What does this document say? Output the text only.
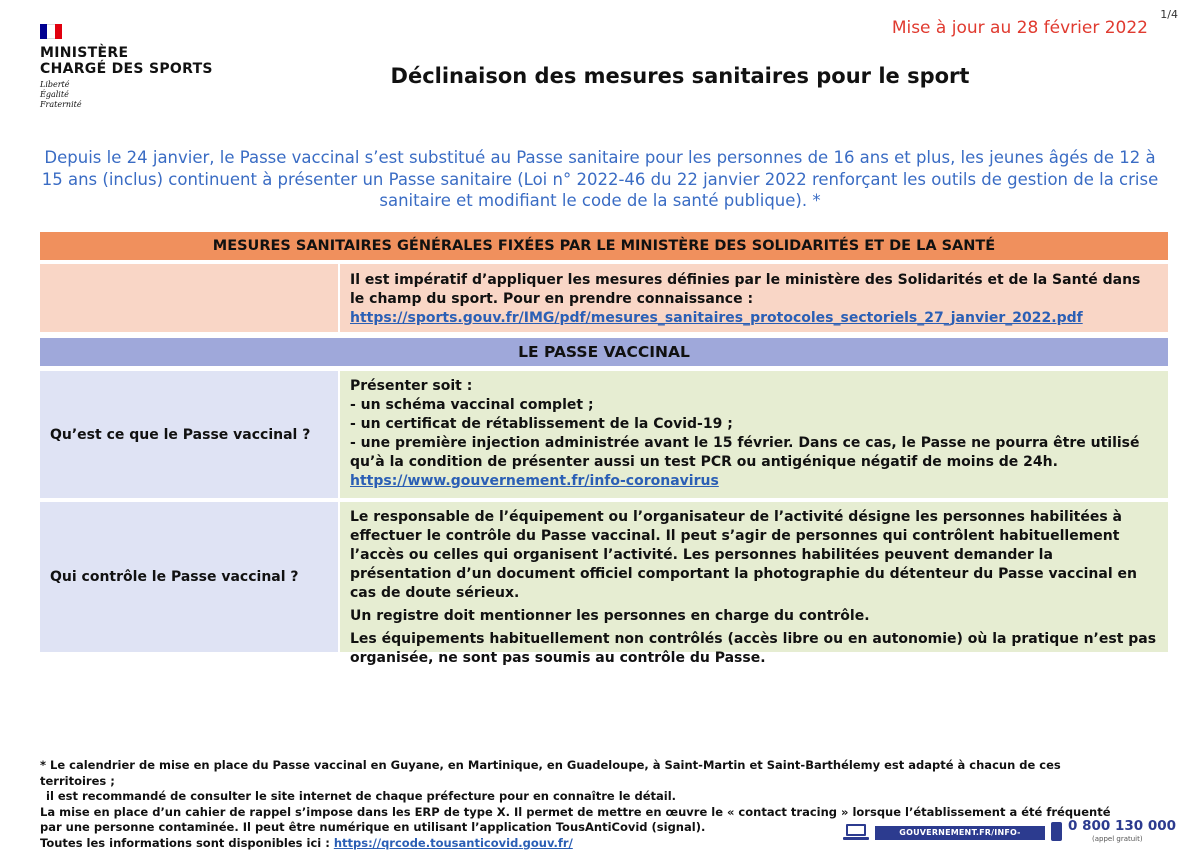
1/4
Mise à jour au 28 février 2022
MINISTÈRE
CHARGÉ DES SPORTS
Liberté
Égalité
Fraternité
Déclinaison des mesures sanitaires pour le sport
Depuis le 24 janvier, le Passe vaccinal s’est substitué au Passe sanitaire pour les personnes de 16 ans et plus, les jeunes âgés de 12 à 15 ans (inclus) continuent à présenter un Passe sanitaire (Loi n° 2022-46 du 22 janvier 2022 renforçant les outils de gestion de la crise sanitaire et modifiant le code de la santé publique). *
MESURES SANITAIRES GÉNÉRALES FIXÉES PAR LE MINISTÈRE DES SOLIDARITÉS ET DE LA SANTÉ
Il est impératif d’appliquer les mesures définies par le ministère des Solidarités et de la Santé dans le champ du sport. Pour en prendre connaissance :
https://sports.gouv.fr/IMG/pdf/mesures_sanitaires_protocoles_sectoriels_27_janvier_2022.pdf
LE PASSE VACCINAL
Qu’est ce que le Passe vaccinal ?
Présenter soit :
- un schéma vaccinal complet ;
- un certificat de rétablissement de la Covid-19 ;
- une première injection administrée avant le 15 février. Dans ce cas, le Passe ne pourra être utilisé qu’à la condition de présenter aussi un test PCR ou antigénique négatif de moins de 24h.
https://www.gouvernement.fr/info-coronavirus
Qui contrôle le Passe vaccinal ?
Le responsable de l’équipement ou l’organisateur de l’activité désigne les personnes habilitées à effectuer le contrôle du Passe vaccinal. Il peut s’agir de personnes qui contrôlent habituellement l’accès ou celles qui organisent l’activité. Les personnes habilitées peuvent demander la présentation d’un document officiel comportant la photographie du détenteur du Passe vaccinal en cas de doute sérieux.
Un registre doit mentionner les personnes en charge du contrôle.
Les équipements habituellement non contrôlés (accès libre ou en autonomie) où la pratique n’est pas organisée, ne sont pas soumis au contrôle du Passe.
* Le calendrier de mise en place du Passe vaccinal en Guyane, en Martinique, en Guadeloupe, à Saint-Martin et Saint-Barthélemy est adapté à chacun de ces territoires ;
il est recommandé de consulter le site internet de chaque préfecture pour en connaître le détail.
La mise en place d’un cahier de rappel s’impose dans les ERP de type X. Il permet de mettre en œuvre le « contact tracing » lorsque l’établissement a été fréquenté
par une personne contaminée. Il peut être numérique en utilisant l’application TousAntiCovid (signal).
Toutes les informations sont disponibles ici : https://qrcode.tousanticovid.gouv.fr/
GOUVERNEMENT.FR/INFO-CORONAVIRUS
0 800 130 000
(appel gratuit)
